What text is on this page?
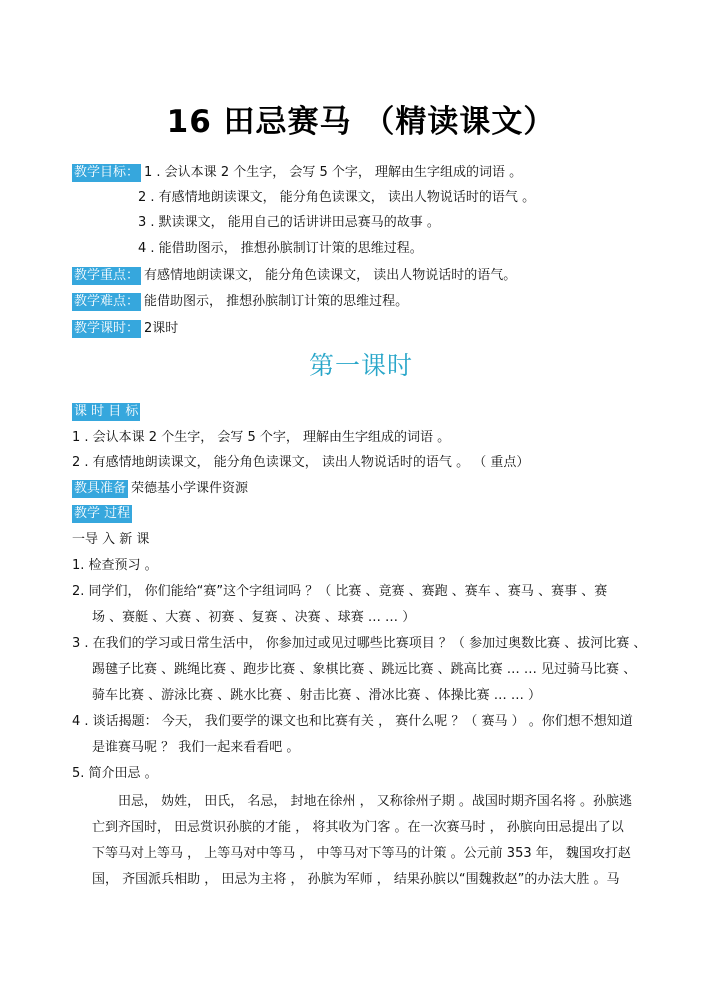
16 田忌赛马 （精读课文）
教学目标： 1 . 会认本课 2 个生字， 会写 5 个字， 理解由生字组成的词语 。
2 . 有感情地朗读课文， 能分角色读课文， 读出人物说话时的语气 。
3 . 默读课文， 能用自己的话讲讲田忌赛马的故事 。
4 . 能借助图示， 推想孙膑制订计策的思维过程。
教学重点： 有感情地朗读课文， 能分角色读课文， 读出人物说话时的语气。
教学难点： 能借助图示， 推想孙膑制订计策的思维过程。
教学课时： 2课时
第一课时
课 时 目 标
1 . 会认本课 2 个生字， 会写 5 个字， 理解由生字组成的词语 。
2 . 有感情地朗读课文， 能分角色读课文， 读出人物说话时的语气 。 （ 重点）
教具准备 荣德基小学课件资源
教学 过程
一导 入 新 课
1. 检查预习 。
2. 同学们， 你们能给“赛”这个字组词吗 ？（ 比赛 、竟赛 、赛跑 、赛车 、赛马 、赛事 、赛
场 、赛艇 、大赛 、初赛 、复赛 、决赛 、球赛 … … ）
3 . 在我们的学习或日常生活中， 你参加过或见过哪些比赛项目 ？（ 参加过奥数比赛 、拔河比赛 、
踢毽子比赛 、跳绳比赛 、跑步比赛 、象棋比赛 、跳远比赛 、跳高比赛 … … 见过骑马比赛 、
骑车比赛 、游泳比赛 、跳水比赛 、射击比赛 、滑冰比赛 、体操比赛 … … ）
4 . 谈话揭题： 今天， 我们要学的课文也和比赛有关 ， 赛什么呢 ？（ 赛马 ） 。你们想不想知道
是谁赛马呢 ？ 我们一起来看看吧 。
5. 简介田忌 。
田忌， 妫姓， 田氏， 名忌， 封地在徐州 ， 又称徐州子期 。战国时期齐国名将 。孙膑逃
亡到齐国时， 田忌赏识孙膑的才能 ， 将其收为门客 。在一次赛马时 ， 孙膑向田忌提出了以
下等马对上等马 ， 上等马对中等马 ， 中等马对下等马的计策 。公元前 353 年， 魏国攻打赵
国， 齐国派兵相助 ， 田忌为主将 ， 孙膑为军师 ， 结果孙膑以“围魏救赵”的办法大胜 。马
